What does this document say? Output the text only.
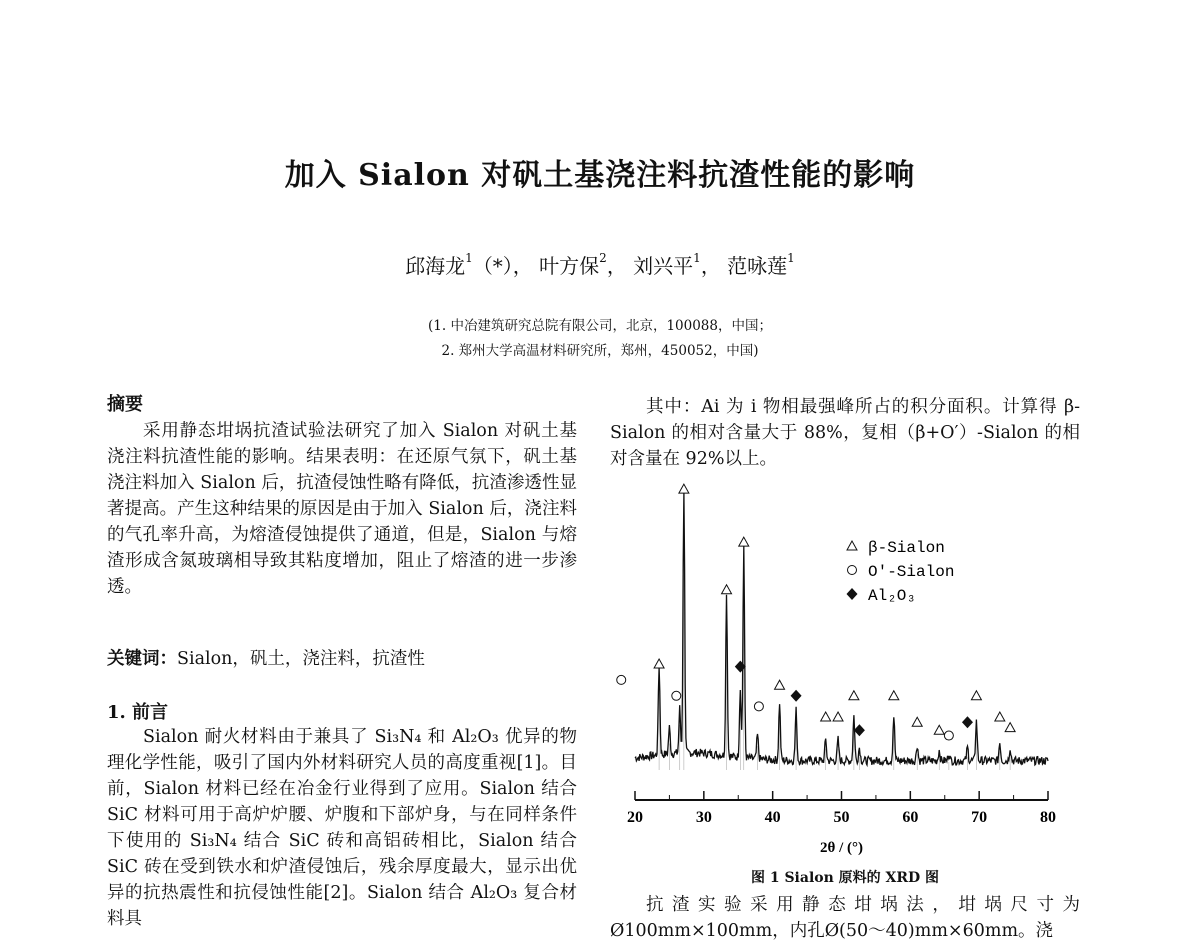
加入 Sialon 对矾土基浇注料抗渣性能的影响
邱海龙$^1$（*）， 叶方保$^2$， 刘兴平$^1$， 范咏莲$^1$
(1. 中冶建筑研究总院有限公司，北京，100088，中国；
2. 郑州大学高温材料研究所，郑州，450052，中国)
摘要

采用静态坩埚抗渣试验法研究了加入 Sialon 对矾土基浇注料抗渣性能的影响。结果表明：在还原气氛下，矾土基浇注料加入 Sialon 后，抗渣侵蚀性略有降低，抗渣渗透性显著提高。产生这种结果的原因是由于加入 Sialon 后，浇注料的气孔率升高，为熔渣侵蚀提供了通道，但是，Sialon 与熔渣形成含氮玻璃相导致其粘度增加，阻止了熔渣的进一步渗透。

关键词：Sialon，矾土，浇注料，抗渣性
1. 前言

Sialon 耐火材料由于兼具了 Si₃N₄ 和 Al₂O₃ 优异的物理化学性能，吸引了国内外材料研究人员的高度重视[1]。目前，Sialon 材料已经在冶金行业得到了应用。Sialon 结合 SiC 材料可用于高炉炉腰、炉腹和下部炉身，与在同样条件下使用的 Si₃N₄ 结合 SiC 砖和高铝砖相比，Sialon 结合 SiC 砖在受到铁水和炉渣侵蚀后，残余厚度最大，显示出优异的抗热震性和抗侵蚀性能[2]。Sialon 结合 Al₂O₃ 复合材料具

其中：Ai 为 i 物相最强峰所占的积分面积。计算得 β-Sialon 的相对含量大于 88%，复相（β+O′）-Sialon 的相对含量在 92%以上。

20	30	40	50	60	70	80
2θ / (°)
β-Sialon
O′-Sialon
Al₂O₃
图 1 Sialon 原料的 XRD 图

抗渣实验采用静态坩埚法，坩埚尺寸为 Ø100mm×100mm，内孔Ø(50～40)mm×60mm。浇
